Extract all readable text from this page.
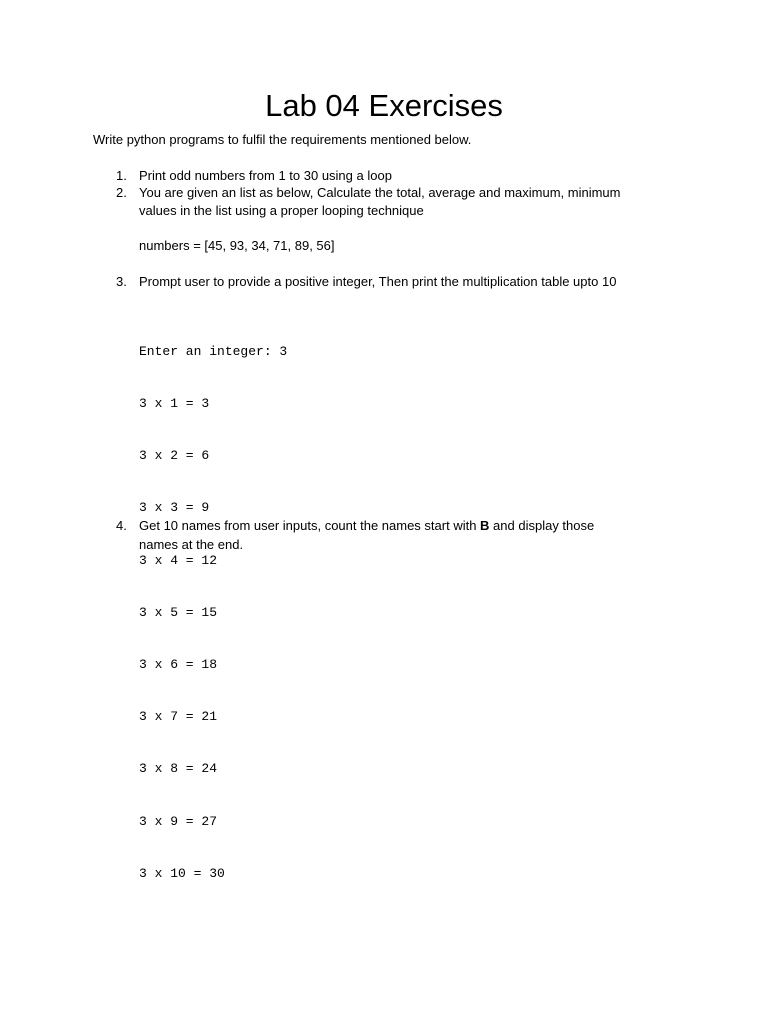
Lab 04 Exercises

Write python programs to fulfil the requirements mentioned below.

1. Print odd numbers from 1 to 30 using a loop
2. You are given an list as below, Calculate the total, average and maximum, minimum
values in the list using a proper looping technique
numbers = [45, 93, 34, 71, 89, 56]
3. Prompt user to provide a positive integer, Then print the multiplication table upto 10

Enter an integer: 3

3 x 1 = 3

3 x 2 = 6

3 x 3 = 9

3 x 4 = 12

3 x 5 = 15

3 x 6 = 18

3 x 7 = 21

3 x 8 = 24

3 x 9 = 27

3 x 10 = 30

4. Get 10 names from user inputs, count the names start with B and display those
names at the end.
